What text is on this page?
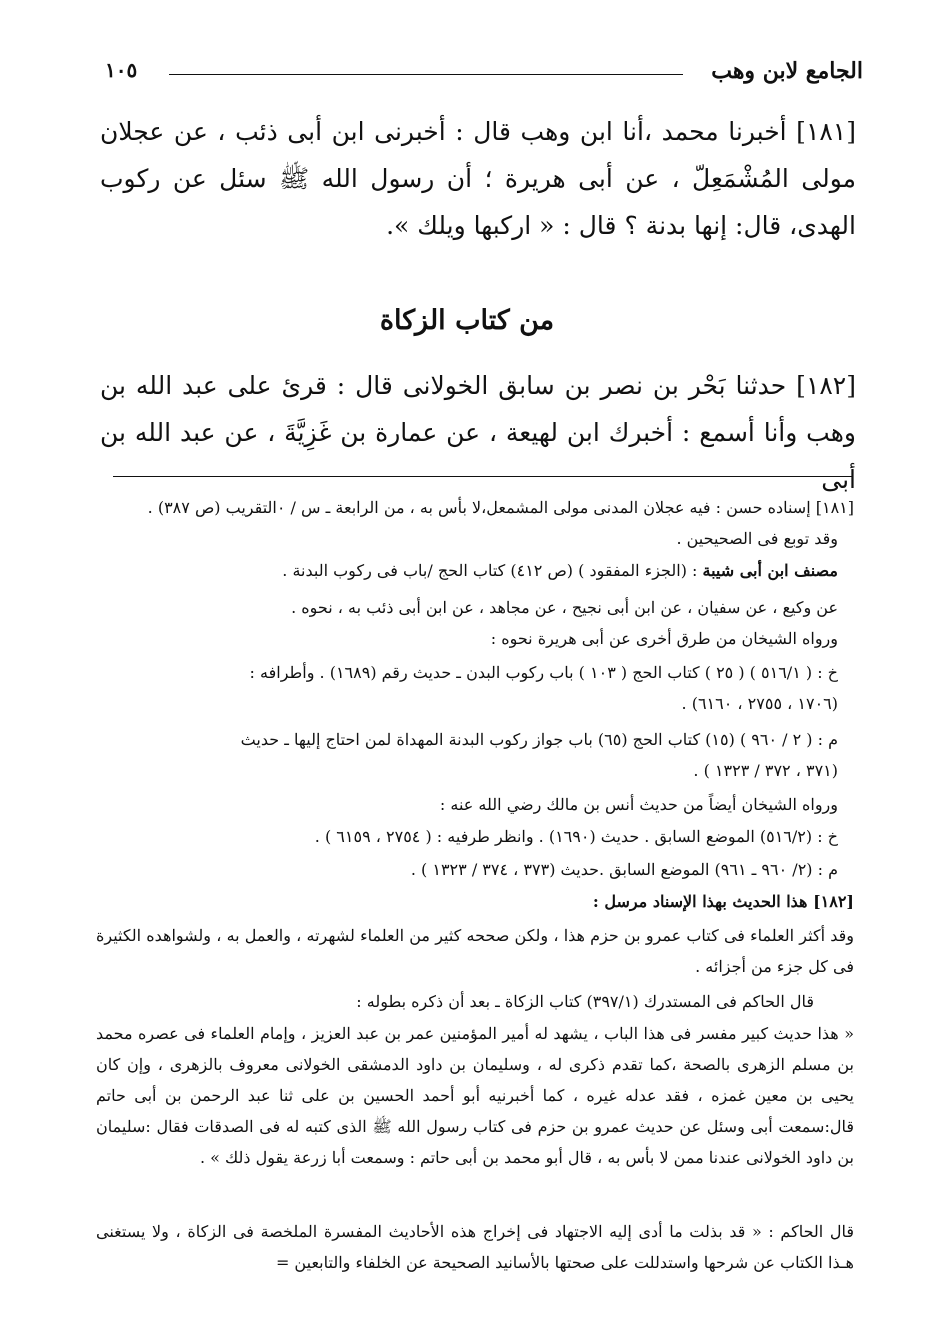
الجامع لابن وهب
١٠٥
[١٨١] أخبرنا محمد ،أنا ابن وهب قال : أخبرنى ابن أبى ذئب ، عن عجلان مولى المُشْمَعِلّ ، عن أبى هريرة ؛ أن رسول الله ﷺ سئل عن ركوب الهدى، قال: إنها بدنة ؟ قال : « اركبها ويلك ».
من كتاب الزكاة
[١٨٢] حدثنا بَحْر بن نصر بن سابق الخولانى قال : قرئ على عبد الله بن وهب وأنا أسمع : أخبرك ابن لهيعة ، عن عمارة بن غَزِيَّةَ ، عن عبد الله بن أبى
[١٨١] إسناده حسن : فيه عجلان المدنى مولى المشمعل،لا بأس به ، من الرابعة ـ س / ٠التقريب (ص ٣٨٧) .
وقد توبع فى الصحيحين .
مصنف ابن أبى شيبة : (الجزء المفقود ) (ص ٤١٢) كتاب الحج /باب فى ركوب البدنة .
عن وكيع ، عن سفيان ، عن ابن أبى نجيح ، عن مجاهد ، عن ابن أبى ذئب به ، نحوه .
ورواه الشيخان من طرق أخرى عن أبى هريرة نحوه :
خ : ( ٥١٦/١ ) ( ٢٥ ) كتاب الحج ( ١٠٣ ) باب ركوب البدن ـ حديث رقم (١٦٨٩) . وأطرافه :
(١٧٠٦ ، ٢٧٥٥ ، ٦١٦٠) .
م : ( ٢ / ٩٦٠ ) (١٥) كتاب الحج (٦٥) باب جواز ركوب البدنة المهداة لمن احتاج إليها ـ حديث
(٣٧١ ، ٣٧٢ / ١٣٢٣ ) .
ورواه الشيخان أيضاً من حديث أنس بن مالك رضي الله عنه :
خ : (٥١٦/٢) الموضع السابق . حديث (١٦٩٠) . وانظر طرفيه : ( ٢٧٥٤ ، ٦١٥٩ ) .
م : (٢/ ٩٦٠ ـ ٩٦١) الموضع السابق .حديث (٣٧٣ ، ٣٧٤ / ١٣٢٣ ) .
[١٨٢] هذا الحديث بهذا الإسناد مرسل :
وقد أكثر العلماء فى كتاب عمرو بن حزم هذا ، ولكن صححه كثير من العلماء لشهرته ، والعمل به ، ولشواهده الكثيرة فى كل جزء من أجزائه .
قال الحاكم فى المستدرك (٣٩٧/١) كتاب الزكاة ـ بعد أن ذكره بطوله :
« هذا حديث كبير مفسر فى هذا الباب ، يشهد له أمير المؤمنين عمر بن عبد العزيز ، وإمام العلماء فى عصره محمد بن مسلم الزهرى بالصحة ،كما تقدم ذكرى له ، وسليمان بن داود الدمشقى الخولانى معروف بالزهرى ، وإن كان يحيى بن معين غمزه ، فقد عدله غيره ، كما أخبرنيه أبو أحمد الحسين بن على ثنا عبد الرحمن بن أبى حاتم قال:سمعت أبى وسئل عن حديث عمرو بن حزم فى كتاب رسول الله ﷺ الذى كتبه له فى الصدقات فقال :سليمان بن داود الخولانى عندنا ممن لا بأس به ، قال أبو محمد بن أبى حاتم : وسمعت أبا زرعة يقول ذلك » .
قال الحاكم : « قد بذلت ما أدى إليه الاجتهاد فى إخراج هذه الأحاديث المفسرة الملخصة فى الزكاة ، ولا يستغنى هـذا الكتاب عن شرحها واستدللت على صحتها بالأسانيد الصحيحة عن الخلفاء والتابعين =
